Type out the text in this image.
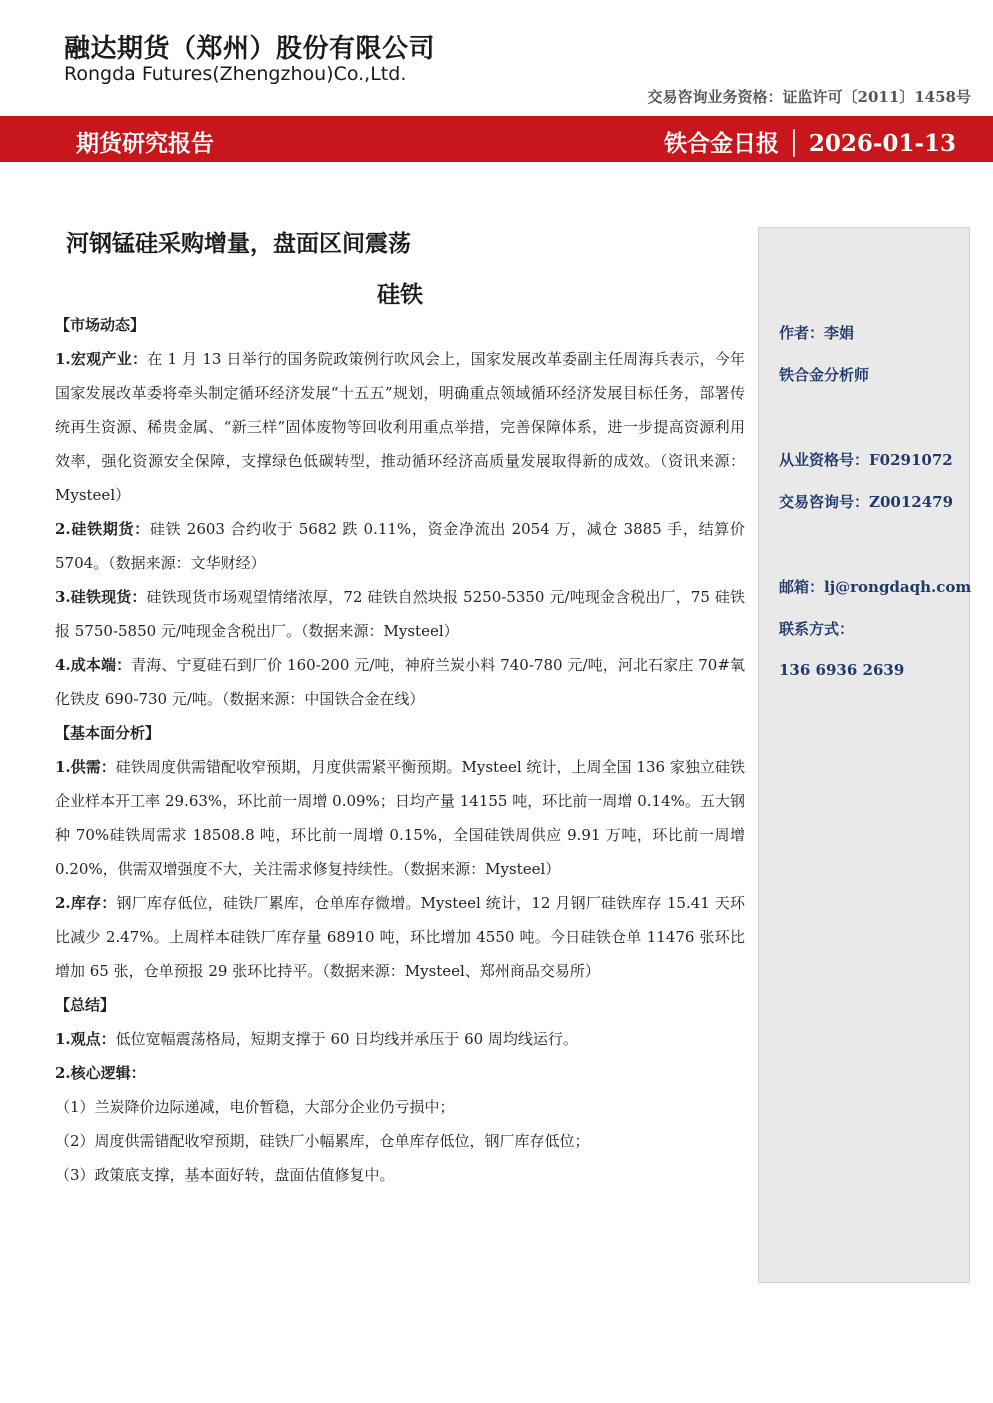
融达期货（郑州）股份有限公司
Rongda Futures(Zhengzhou)Co.,Ltd.
交易咨询业务资格：证监许可〔2011〕1458号
期货研究报告	铁合金日报 │ 2026-01-13
河钢锰硅采购增量，盘面区间震荡
硅铁
【市场动态】
1.宏观产业：在 1 月 13 日举行的国务院政策例行吹风会上，国家发展改革委副主任周海兵表示，今年国家发展改革委将牵头制定循环经济发展“十五五”规划，明确重点领域循环经济发展目标任务，部署传统再生资源、稀贵金属、“新三样”固体废物等回收利用重点举措，完善保障体系，进一步提高资源利用效率，强化资源安全保障，支撑绿色低碳转型，推动循环经济高质量发展取得新的成效。（资讯来源：Mysteel）
2.硅铁期货：硅铁 2603 合约收于 5682 跌 0.11%，资金净流出 2054 万，减仓 3885 手，结算价 5704。（数据来源：文华财经）
3.硅铁现货：硅铁现货市场观望情绪浓厚，72 硅铁自然块报 5250-5350 元/吨现金含税出厂，75 硅铁报 5750-5850 元/吨现金含税出厂。（数据来源：Mysteel）
4.成本端：青海、宁夏硅石到厂价 160-200 元/吨，神府兰炭小料 740-780 元/吨，河北石家庄 70#氧化铁皮 690-730 元/吨。（数据来源：中国铁合金在线）
【基本面分析】
1.供需：硅铁周度供需错配收窄预期，月度供需紧平衡预期。Mysteel 统计，上周全国 136 家独立硅铁企业样本开工率 29.63%，环比前一周增 0.09%；日均产量 14155 吨，环比前一周增 0.14%。五大钢种 70%硅铁周需求 18508.8 吨，环比前一周增 0.15%，全国硅铁周供应 9.91 万吨，环比前一周增 0.20%，供需双增强度不大，关注需求修复持续性。（数据来源：Mysteel）
2.库存：钢厂库存低位，硅铁厂累库，仓单库存微增。Mysteel 统计，12 月钢厂硅铁库存 15.41 天环比减少 2.47%。上周样本硅铁厂库存量 68910 吨，环比增加 4550 吨。今日硅铁仓单 11476 张环比增加 65 张，仓单预报 29 张环比持平。（数据来源：Mysteel、郑州商品交易所）
【总结】
1.观点：低位宽幅震荡格局，短期支撑于 60 日均线并承压于 60 周均线运行。
2.核心逻辑：
（1）兰炭降价边际递减，电价暂稳，大部分企业仍亏损中；
（2）周度供需错配收窄预期，硅铁厂小幅累库，仓单库存低位，钢厂库存低位；
（3）政策底支撑，基本面好转，盘面估值修复中。
作者：李娟
铁合金分析师
从业资格号：F0291072
交易咨询号：Z0012479
邮箱：lj@rongdaqh.com
联系方式：
136 6936 2639
